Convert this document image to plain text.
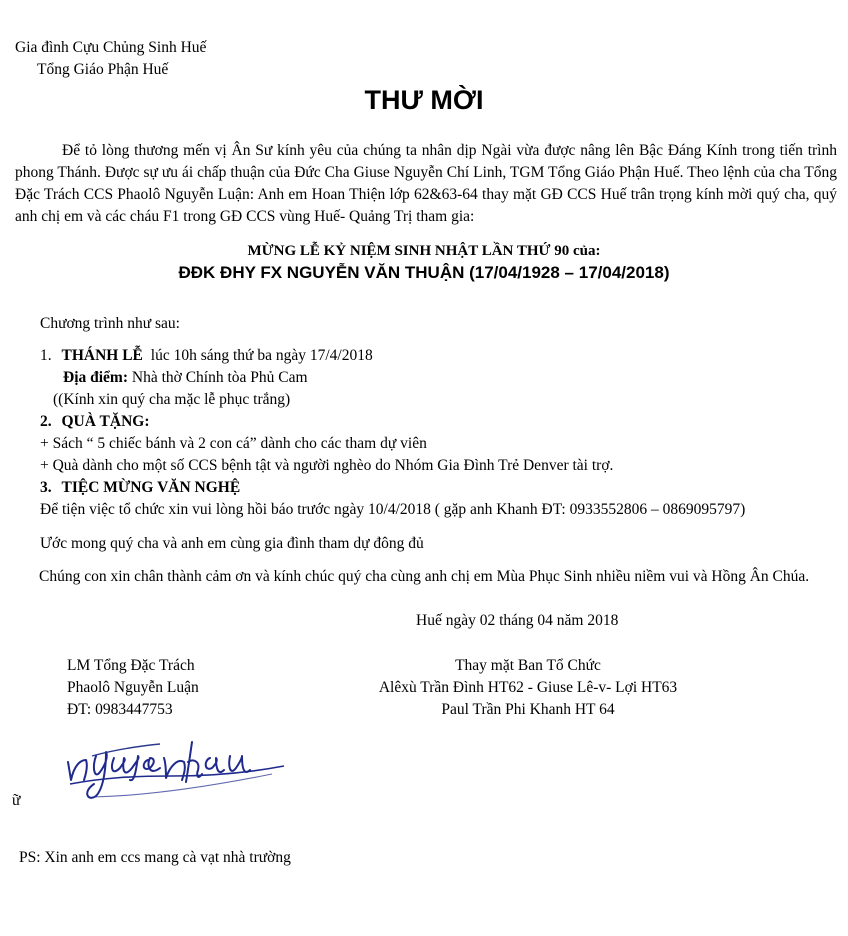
Gia đình Cựu Chủng Sinh Huế
Tổng Giáo Phận Huế
THƯ MỜI
Để tỏ lòng thương mến vị Ân Sư kính yêu của chúng ta nhân dịp Ngài vừa được nâng lên Bậc Đáng Kính trong tiến trình phong Thánh. Được sự ưu ái chấp thuận của Đức Cha Giuse Nguyễn Chí Linh, TGM Tổng Giáo Phận Huế. Theo lệnh của cha Tổng Đặc Trách CCS Phaolô Nguyễn Luận: Anh em Hoan Thiện lớp 62&63-64 thay mặt GĐ CCS Huế trân trọng kính mời quý cha, quý anh chị em và các cháu F1 trong GĐ CCS vùng Huế- Quảng Trị tham gia:
MỪNG LỄ KỶ NIỆM SINH NHẬT LẦN THỨ 90 của:
ĐĐK ĐHY FX NGUYỄN VĂN THUẬN (17/04/1928 – 17/04/2018)
Chương trình như sau:
1. THÁNH LỄ lúc 10h sáng thứ ba ngày 17/4/2018
Địa điểm: Nhà thờ Chính tòa Phủ Cam
((Kính xin quý cha mặc lễ phục trắng)
2. QUÀ TẶNG:
+ Sách “ 5 chiếc bánh và 2 con cá” dành cho các tham dự viên
+ Quà dành cho một số CCS bệnh tật và người nghèo do Nhóm Gia Đình Trẻ Denver tài trợ.
3. TIỆC MỪNG VĂN NGHỆ
Để tiện việc tổ chức xin vui lòng hồi báo trước ngày 10/4/2018 ( gặp anh Khanh ĐT: 0933552806 – 0869095797)
Ước mong quý cha và anh em cùng gia đình tham dự đông đủ
Chúng con xin chân thành cảm ơn và kính chúc quý cha cùng anh chị em Mùa Phục Sinh nhiều niềm vui và Hồng Ân Chúa.
Huế ngày 02 tháng 04 năm 2018
LM Tổng Đặc Trách
Phaolô Nguyễn Luận
ĐT: 0983447753
Thay mặt Ban Tổ Chức
Alêxù Trần Đình HT62 - Giuse Lê-v- Lợi HT63
Paul Trần Phi Khanh HT 64
ữ
PS: Xin anh em ccs mang cà vạt nhà trường
